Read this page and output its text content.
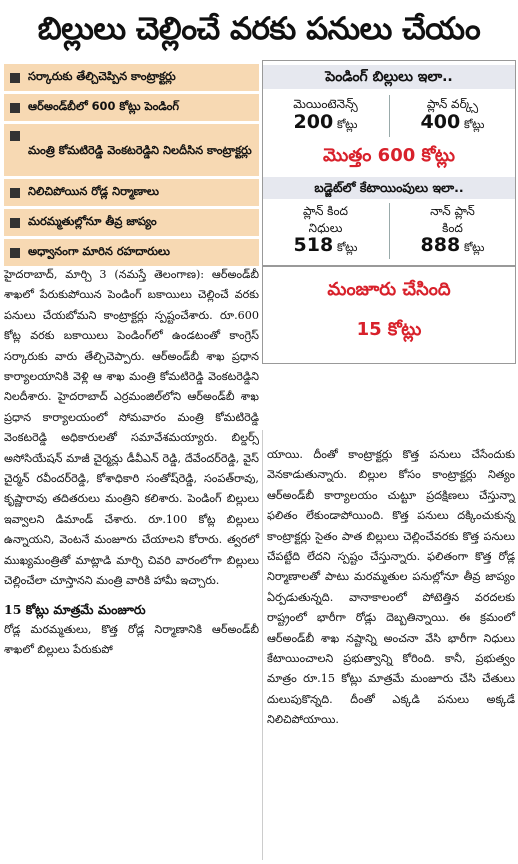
బిల్లులు చెల్లించే వరకు పనులు చేయం
సర్కారుకు తేల్చిచెప్పిన కాంట్రాక్టర్లు
ఆర్‌అండ్‌బీలో 600 కోట్లు పెండింగ్‌
మంత్రి కోమటిరెడ్డి వెంకటరెడ్డిని నిలదీసిన కాంట్రాక్టర్లు
నిలిచిపోయిన రోడ్ల నిర్మాణాలు
మరమ్మతుల్లోనూ తీవ్ర జాప్యం
అధ్వానంగా మారిన రహదారులు
పెండింగ్‌ బిల్లులు ఇలా..
మెయింటెనెన్స్‌
200 కోట్లు
ప్లాన్‌ వర్క్స్‌
400 కోట్లు
మొత్తం 600 కోట్లు
బడ్జెట్‌లో కేటాయింపులు ఇలా..
ప్లాన్‌ కింద
నిధులు
518 కోట్లు
నాన్‌ ప్లాన్‌
కింద
888 కోట్లు
మంజూరు చేసింది
15 కోట్లు

హైదరాబాద్‌, మార్చి 3 (నమస్తే తెలంగాణ): ఆర్‌అండ్‌బీ శాఖలో పేరుకుపోయిన పెండింగ్‌ బకాయిలు చెల్లించే వరకు పనులు చేయబోమని కాంట్రాక్టర్లు స్పష్టంచేశారు. రూ.600 కోట్ల వరకు బకాయిలు పెండింగ్‌లో ఉండటంతో కాంగ్రెస్‌ సర్కారుకు వారు తేల్చిచెప్పారు. ఆర్‌అండ్‌బీ శాఖ ప్రధాన కార్యాలయానికి వెళ్లి ఆ శాఖ మంత్రి కోమటిరెడ్డి వెంకటరెడ్డిని నిలదీశారు. హైదరాబాద్‌ ఎర్రమంజిల్‌లోని ఆర్‌అండ్‌బీ శాఖ ప్రధాన కార్యాలయంలో సోమవారం మంత్రి కోమటిరెడ్డి వెంకటరెడ్డి అధికారులతో సమావేశమయ్యారు. బిల్డర్స్‌ అసోసియేషన్‌ మాజీ చైర్మన్లు డీవీఎన్‌ రెడ్డి, దేవేందర్‌రెడ్డి, వైస్‌ చైర్మన్‌ రవీందర్‌రెడ్డి, కోశాధికారి సంతోష్‌రెడ్డి, సంపత్‌రావు, కృష్ణారావు తదితరులు మంత్రిని కలిశారు. పెండింగ్‌ బిల్లులు ఇవ్వాలని డిమాండ్‌ చేశారు. రూ.100 కోట్ల బిల్లులు ఉన్నాయని, వెంటనే మంజూరు చేయాలని కోరారు. త్వరలో ముఖ్యమంత్రితో మాట్లాడి మార్చి చివరి వారంలోగా బిల్లులు చెల్లించేలా చూస్తానని మంత్రి వారికి హామీ ఇచ్చారు.

15 కోట్లు మాత్రమే మంజూరు

రోడ్ల మరమ్మతులు, కొత్త రోడ్ల నిర్మాణానికి ఆర్‌అండ్‌బీ శాఖలో బిల్లులు పేరుకుపో

యాయి. దీంతో కాంట్రాక్టర్లు కొత్త పనులు చేసేందుకు వెనకాడుతున్నారు. బిల్లుల కోసం కాంట్రాక్టర్లు నిత్యం ఆర్‌అండ్‌బీ కార్యాలయం చుట్టూ ప్రదక్షిణలు చేస్తున్నా ఫలితం లేకుండాపోయింది. కొత్త పనులు దక్కించుకున్న కాంట్రాక్టర్లు సైతం పాత బిల్లులు చెల్లించేవరకు కొత్త పనులు చేపట్టేది లేదని స్పష్టం చేస్తున్నారు. ఫలితంగా కొత్త రోడ్ల నిర్మాణాలతో పాటు మరమ్మతుల పనుల్లోనూ తీవ్ర జాప్యం ఏర్పడుతున్నది. వానాకాలంలో పోటెత్తిన వరదలకు రాష్ట్రంలో భారీగా రోడ్లు దెబ్బతిన్నాయి. ఈ క్రమంలో ఆర్‌అండ్‌బీ శాఖ నష్టాన్ని అంచనా వేసి భారీగా నిధులు కేటాయించాలని ప్రభుత్వాన్ని కోరింది. కానీ, ప్రభుత్వం మాత్రం రూ.15 కోట్లు మాత్రమే మంజూరు చేసి చేతులు దులుపుకొన్నది. దీంతో ఎక్కడి పనులు అక్కడే నిలిచిపోయాయి.
